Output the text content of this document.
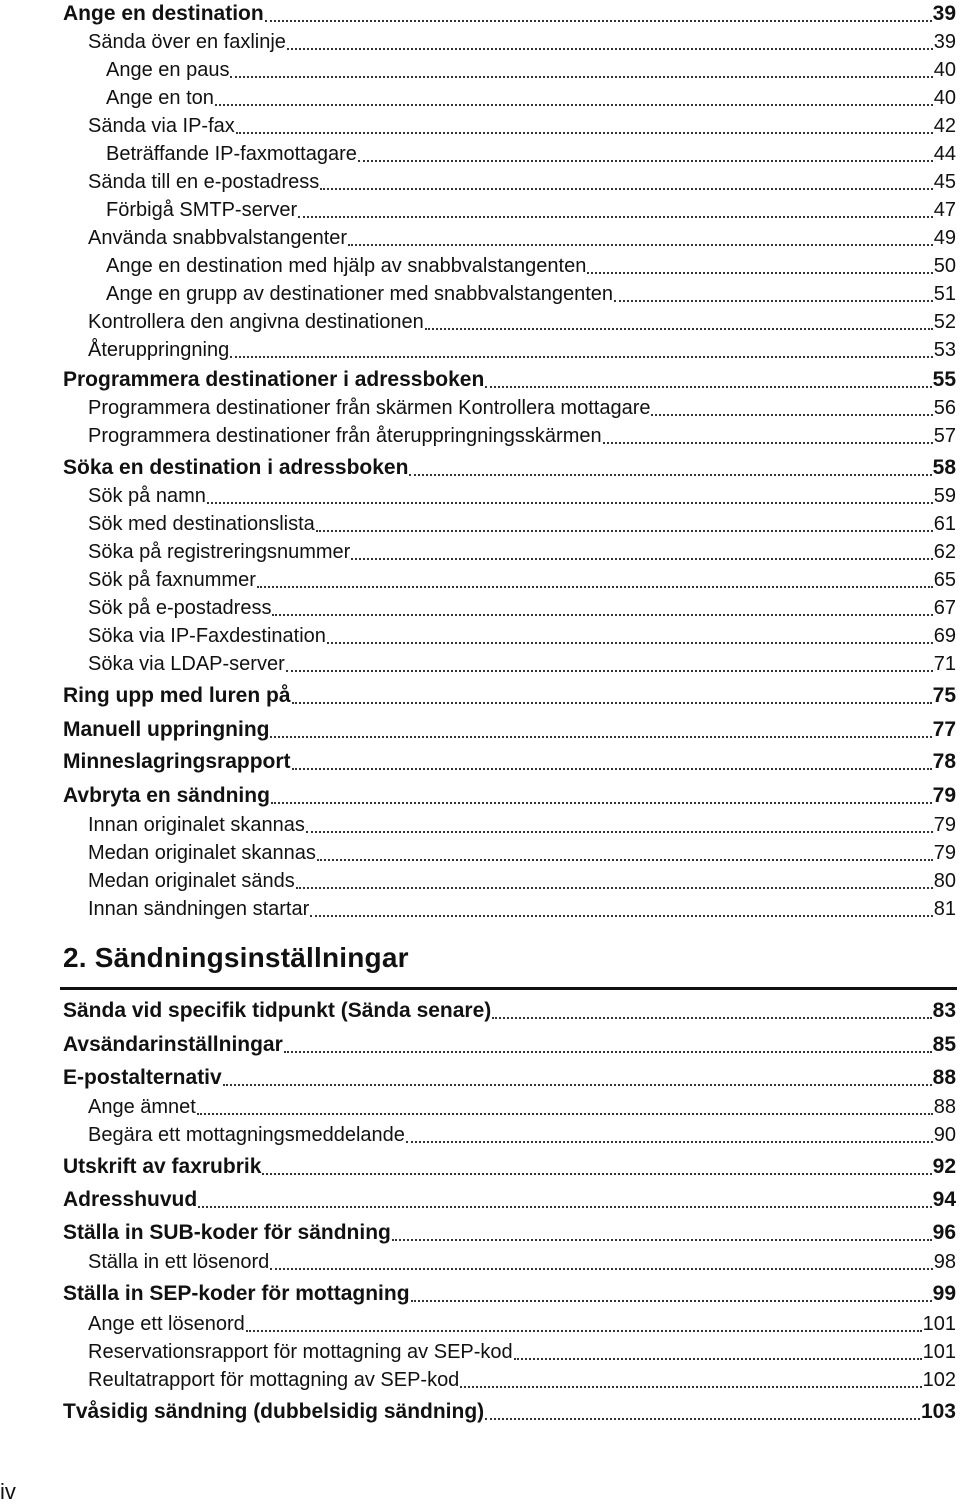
Ange en destination	39
Sända över en faxlinje	39
Ange en paus	40
Ange en ton	40
Sända via IP-fax	42
Beträffande IP-faxmottagare	44
Sända till en e-postadress	45
Förbigå SMTP-server	47
Använda snabbvalstangenter	49
Ange en destination med hjälp av snabbvalstangenten	50
Ange en grupp av destinationer med snabbvalstangenten	51
Kontrollera den angivna destinationen	52
Återuppringning	53
Programmera destinationer i adressboken	55
Programmera destinationer från skärmen Kontrollera mottagare	56
Programmera destinationer från återuppringningsskärmen	57
Söka en destination i adressboken	58
Sök på namn	59
Sök med destinationslista	61
Söka på registreringsnummer	62
Sök på faxnummer	65
Sök på e-postadress	67
Söka via IP-Faxdestination	69
Söka via LDAP-server	71
Ring upp med luren på	75
Manuell uppringning	77
Minneslagringsrapport	78
Avbryta en sändning	79
Innan originalet skannas	79
Medan originalet skannas	79
Medan originalet sänds	80
Innan sändningen startar	81
2. Sändningsinställningar
Sända vid specifik tidpunkt (Sända senare)	83
Avsändarinställningar	85
E-postalternativ	88
Ange ämnet	88
Begära ett mottagningsmeddelande	90
Utskrift av faxrubrik	92
Adresshuvud	94
Ställa in SUB-koder för sändning	96
Ställa in ett lösenord	98
Ställa in SEP-koder för mottagning	99
Ange ett lösenord	101
Reservationsrapport för mottagning av SEP-kod	101
Reultatrapport för mottagning av SEP-kod	102
Tvåsidig sändning (dubbelsidig sändning)	103
iv
